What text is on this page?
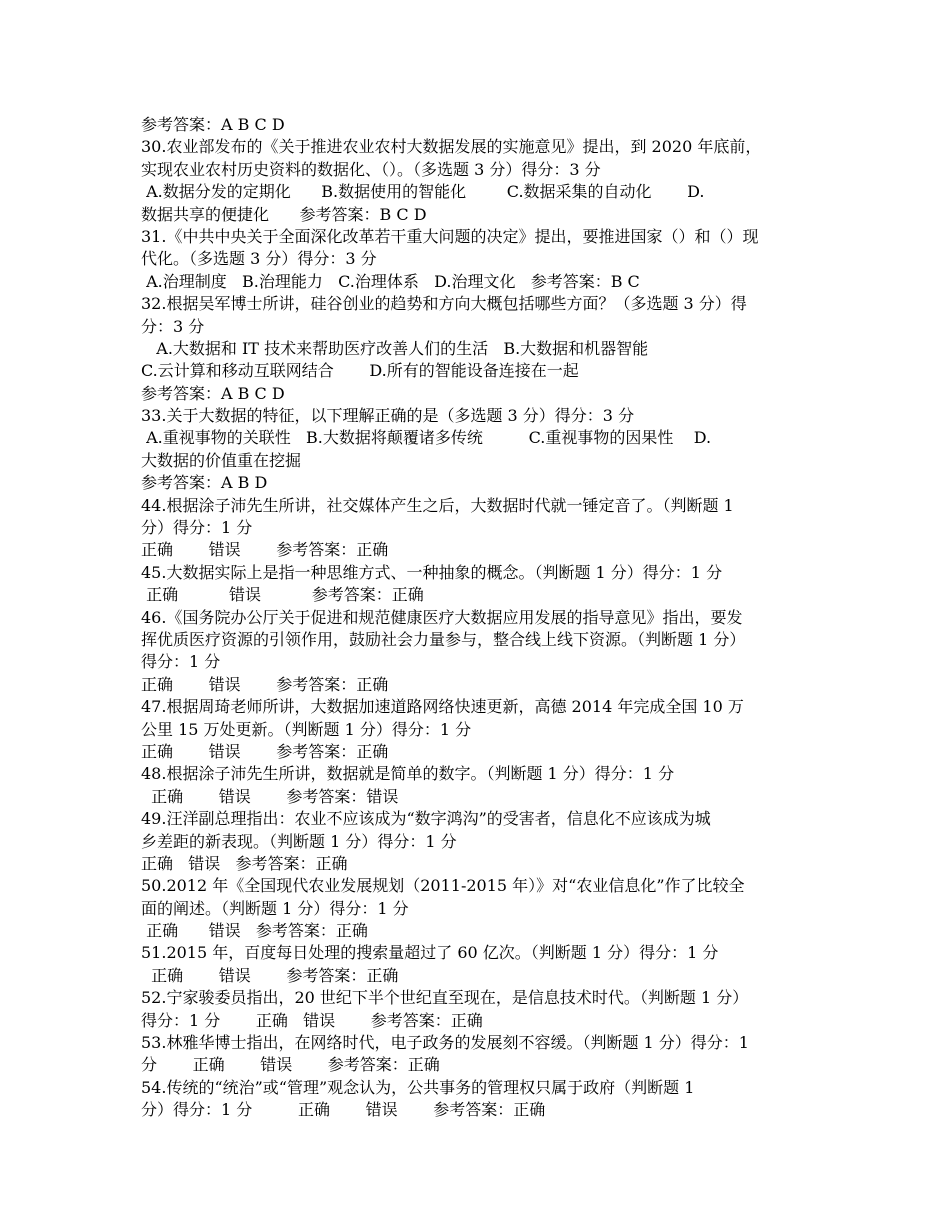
参考答案：A B C D
30.农业部发布的《关于推进农业农村大数据发展的实施意见》提出，到 2020 年底前，
实现农业农村历史资料的数据化、（）。（多选题 3 分）得分：3 分
A.数据分发的定期化      B.数据使用的智能化        C.数据采集的自动化       D.
数据共享的便捷化      参考答案：B C D
31.《中共中央关于全面深化改革若干重大问题的决定》提出，要推进国家（）和（）现
代化。（多选题 3 分）得分：3 分
A.治理制度   B.治理能力   C.治理体系   D.治理文化   参考答案：B C
32.根据吴军博士所讲，硅谷创业的趋势和方向大概包括哪些方面？（多选题 3 分）得
分：3 分
A.大数据和 IT 技术来帮助医疗改善人们的生活   B.大数据和机器智能
C.云计算和移动互联网结合       D.所有的智能设备连接在一起
参考答案：A B C D
33.关于大数据的特征，以下理解正确的是（多选题 3 分）得分：3 分
A.重视事物的关联性   B.大数据将颠覆诸多传统         C.重视事物的因果性    D.
大数据的价值重在挖掘
参考答案：A B D
44.根据涂子沛先生所讲，社交媒体产生之后，大数据时代就一锤定音了。（判断题 1
分）得分：1 分
正确       错误       参考答案：正确
45.大数据实际上是指一种思维方式、一种抽象的概念。（判断题 1 分）得分：1 分
正确          错误          参考答案：正确
46.《国务院办公厅关于促进和规范健康医疗大数据应用发展的指导意见》指出，要发
挥优质医疗资源的引领作用，鼓励社会力量参与，整合线上线下资源。（判断题 1 分）
得分：1 分
正确       错误       参考答案：正确
47.根据周琦老师所讲，大数据加速道路网络快速更新，高德 2014 年完成全国 10 万
公里 15 万处更新。（判断题 1 分）得分：1 分
正确       错误       参考答案：正确
48.根据涂子沛先生所讲，数据就是简单的数字。（判断题 1 分）得分：1 分
正确       错误       参考答案：错误
49.汪洋副总理指出：农业不应该成为“数字鸿沟”的受害者，信息化不应该成为城
乡差距的新表现。（判断题 1 分）得分：1 分
正确   错误   参考答案：正确
50.2012 年《全国现代农业发展规划（2011-2015 年）》对“农业信息化”作了比较全
面的阐述。（判断题 1 分）得分：1 分
正确      错误   参考答案：正确
51.2015 年，百度每日处理的搜索量超过了 60 亿次。（判断题 1 分）得分：1 分
正确       错误       参考答案：正确
52.宁家骏委员指出，20 世纪下半个世纪直至现在，是信息技术时代。（判断题 1 分）
得分：1 分       正确   错误       参考答案：正确
53.林雅华博士指出，在网络时代，电子政务的发展刻不容缓。（判断题 1 分）得分：1
分       正确       错误       参考答案：正确
54.传统的“统治”或“管理”观念认为，公共事务的管理权只属于政府（判断题 1
分）得分：1 分         正确       错误       参考答案：正确
